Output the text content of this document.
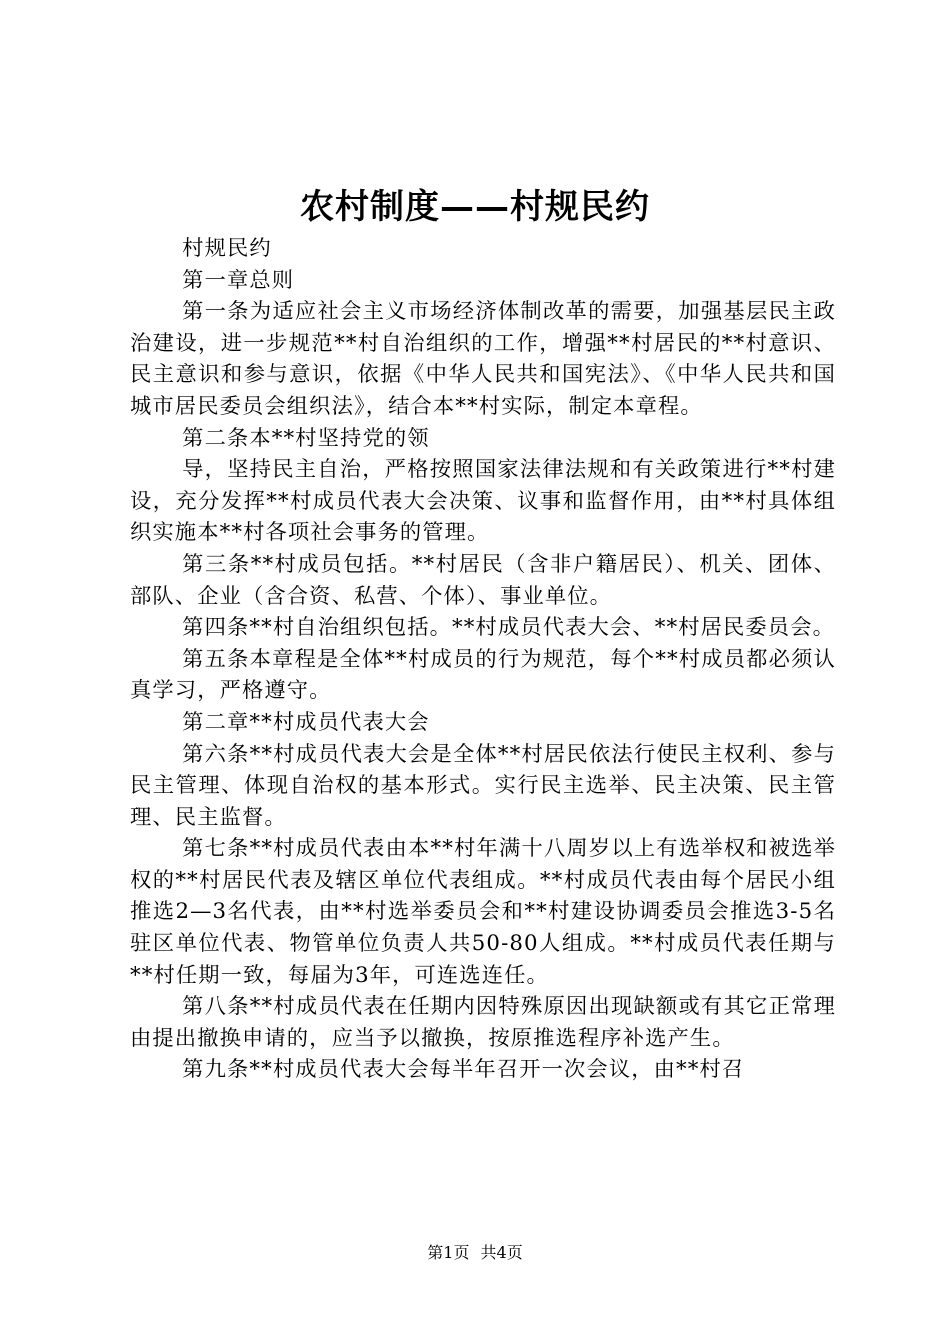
农村制度——村规民约

村规民约

第一章总则

第一条为适应社会主义市场经济体制改革的需要，加强基层民主政治建设，进一步规范**村自治组织的工作，增强**村居民的**村意识、民主意识和参与意识，依据《中华人民共和国宪法》、《中华人民共和国城市居民委员会组织法》，结合本**村实际，制定本章程。

第二条本**村坚持党的领

导，坚持民主自治，严格按照国家法律法规和有关政策进行**村建设，充分发挥**村成员代表大会决策、议事和监督作用，由**村具体组织实施本**村各项社会事务的管理。

第三条**村成员包括。**村居民（含非户籍居民）、机关、团体、部队、企业（含合资、私营、个体）、事业单位。

第四条**村自治组织包括。**村成员代表大会、**村居民委员会。

第五条本章程是全体**村成员的行为规范，每个**村成员都必须认真学习，严格遵守。

第二章**村成员代表大会

第六条**村成员代表大会是全体**村居民依法行使民主权利、参与民主管理、体现自治权的基本形式。实行民主选举、民主决策、民主管理、民主监督。

第七条**村成员代表由本**村年满十八周岁以上有选举权和被选举权的**村居民代表及辖区单位代表组成。**村成员代表由每个居民小组推选2—3名代表，由**村选举委员会和**村建设协调委员会推选3-5名驻区单位代表、物管单位负责人共50-80人组成。**村成员代表任期与**村任期一致，每届为3年，可连选连任。

第八条**村成员代表在任期内因特殊原因出现缺额或有其它正常理由提出撤换申请的，应当予以撤换，按原推选程序补选产生。

第九条**村成员代表大会每半年召开一次会议，由**村召

第1页 共4页
